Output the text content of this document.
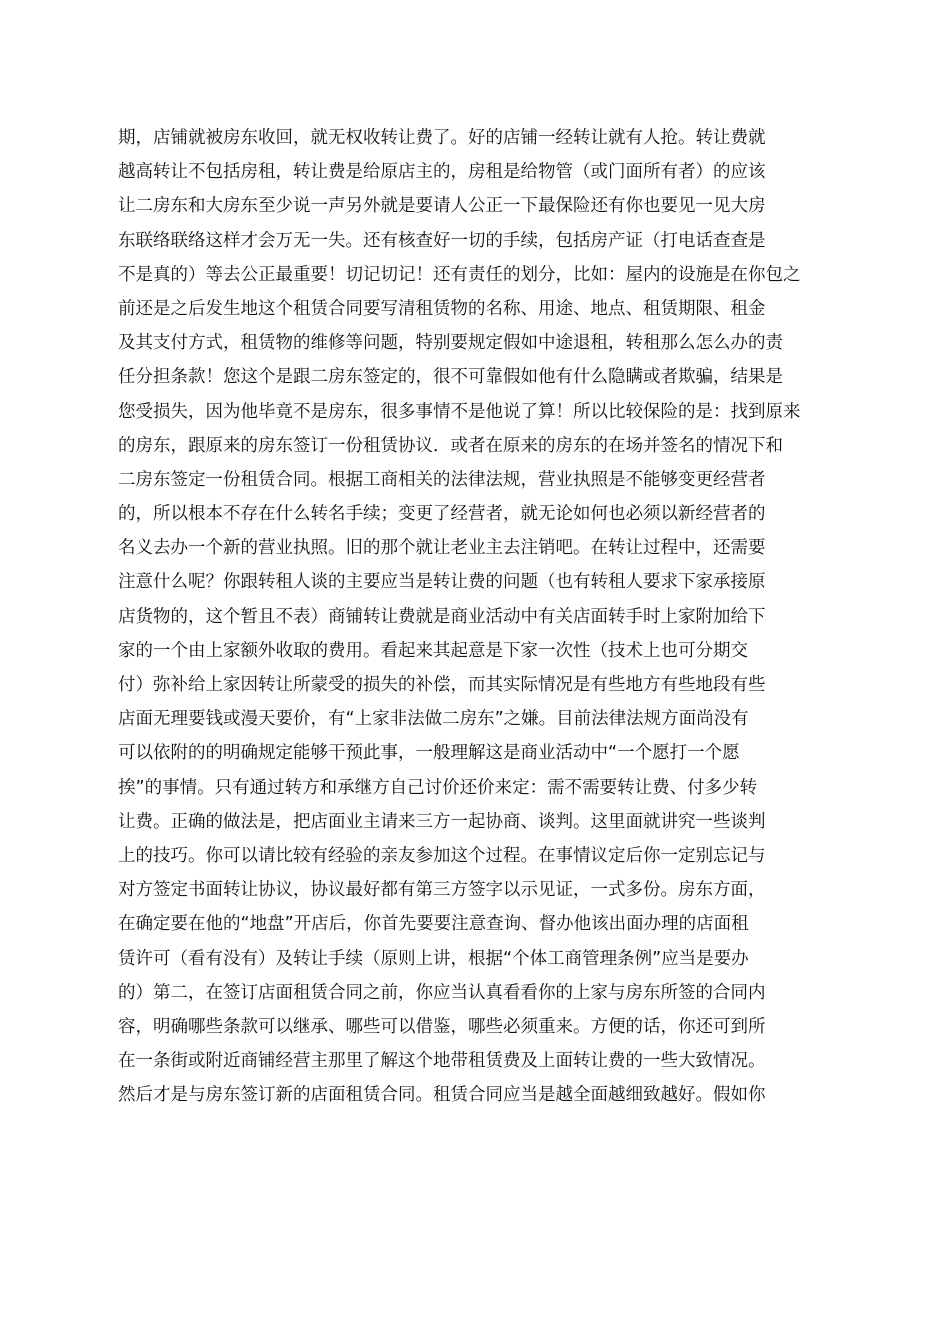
期，店铺就被房东收回，就无权收转让费了。好的店铺一经转让就有人抢。转让费就
越高转让不包括房租，转让费是给原店主的，房租是给物管（或门面所有者）的应该
让二房东和大房东至少说一声另外就是要请人公正一下最保险还有你也要见一见大房
东联络联络这样才会万无一失。还有核查好一切的手续，包括房产证（打电话查查是
不是真的）等去公正最重要！切记切记！还有责任的划分，比如：屋内的设施是在你包之
前还是之后发生地这个租赁合同要写清租赁物的名称、用途、地点、租赁期限、租金
及其支付方式，租赁物的维修等问题，特别要规定假如中途退租，转租那么怎么办的责
任分担条款！您这个是跟二房东签定的，很不可靠假如他有什么隐瞒或者欺骗，结果是
您受损失，因为他毕竟不是房东，很多事情不是他说了算！所以比较保险的是：找到原来
的房东，跟原来的房东签订一份租赁协议．或者在原来的房东的在场并签名的情况下和
二房东签定一份租赁合同。根据工商相关的法律法规，营业执照是不能够变更经营者
的，所以根本不存在什么转名手续；变更了经营者，就无论如何也必须以新经营者的
名义去办一个新的营业执照。旧的那个就让老业主去注销吧。在转让过程中，还需要
注意什么呢？你跟转租人谈的主要应当是转让费的问题（也有转租人要求下家承接原
店货物的，这个暂且不表）商铺转让费就是商业活动中有关店面转手时上家附加给下
家的一个由上家额外收取的费用。看起来其起意是下家一次性（技术上也可分期交
付）弥补给上家因转让所蒙受的损失的补偿，而其实际情况是有些地方有些地段有些
店面无理要钱或漫天要价，有“上家非法做二房东”之嫌。目前法律法规方面尚没有
可以依附的的明确规定能够干预此事，一般理解这是商业活动中“一个愿打一个愿
挨”的事情。只有通过转方和承继方自己讨价还价来定：需不需要转让费、付多少转
让费。正确的做法是，把店面业主请来三方一起协商、谈判。这里面就讲究一些谈判
上的技巧。你可以请比较有经验的亲友参加这个过程。在事情议定后你一定别忘记与
对方签定书面转让协议，协议最好都有第三方签字以示见证，一式多份。房东方面，
在确定要在他的“地盘”开店后，你首先要要注意查询、督办他该出面办理的店面租
赁许可（看有没有）及转让手续（原则上讲，根据“个体工商管理条例”应当是要办
的）第二，在签订店面租赁合同之前，你应当认真看看你的上家与房东所签的合同内
容，明确哪些条款可以继承、哪些可以借鉴，哪些必须重来。方便的话，你还可到所
在一条街或附近商铺经营主那里了解这个地带租赁费及上面转让费的一些大致情况。
然后才是与房东签订新的店面租赁合同。租赁合同应当是越全面越细致越好。假如你
